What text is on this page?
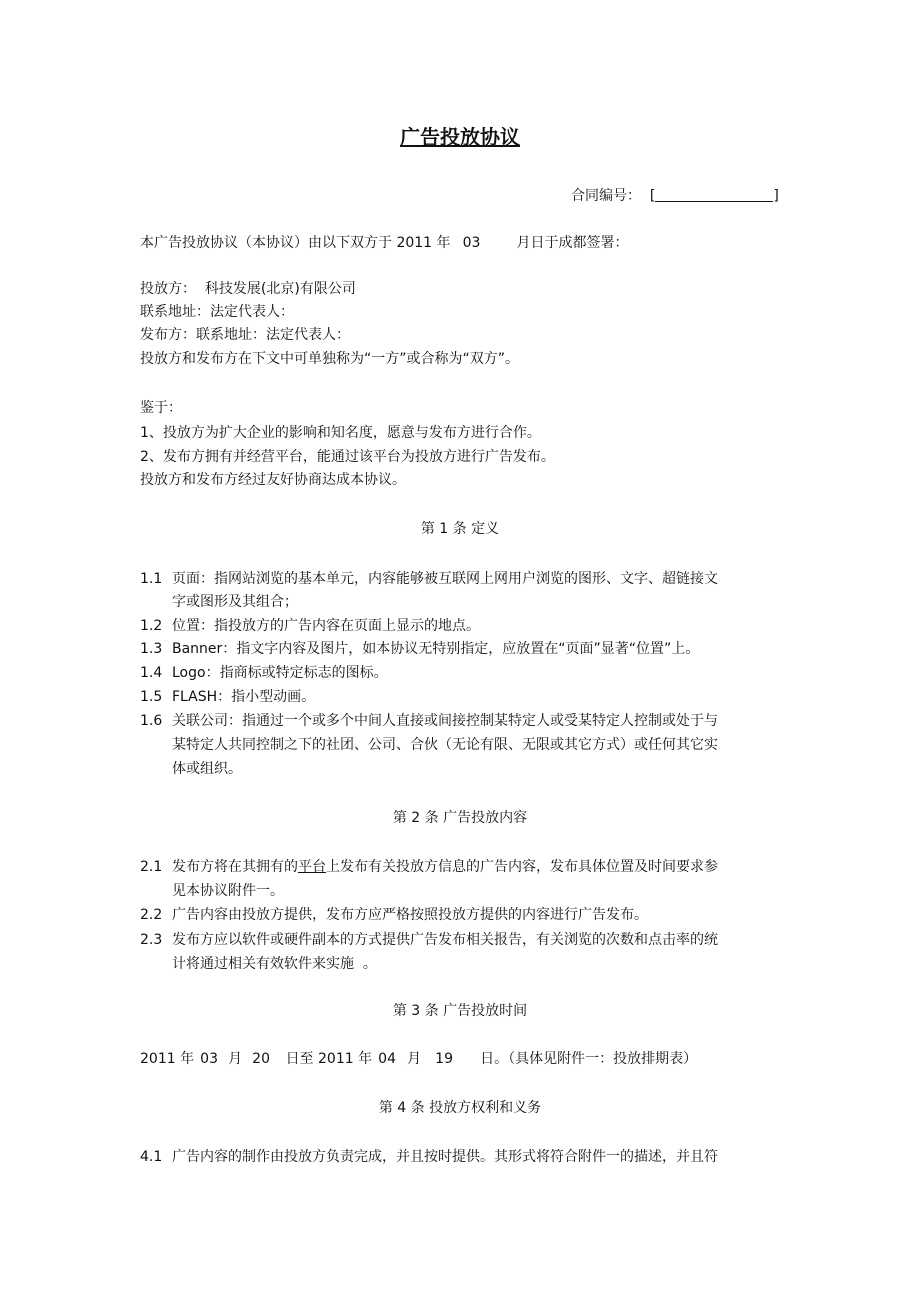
广告投放协议
合同编号： [	]
本广告投放协议（本协议）由以下双方于 2011 年 03	月日于成都签署：
投放方：  科技发展(北京)有限公司
联系地址：法定代表人：
发布方：联系地址：法定代表人：
投放方和发布方在下文中可单独称为“一方”或合称为“双方”。
鉴于：
1、投放方为扩大企业的影响和知名度，愿意与发布方进行合作。
2、发布方拥有并经营平台，能通过该平台为投放方进行广告发布。
投放方和发布方经过友好协商达成本协议。
第 1 条 定义
1.1 页面：指网站浏览的基本单元，内容能够被互联网上网用户浏览的图形、文字、超链接文
字或图形及其组合；
1.2 位置：指投放方的广告内容在页面上显示的地点。
1.3 Banner：指文字内容及图片，如本协议无特别指定，应放置在“页面”显著“位置”上。
1.4 Logo：指商标或特定标志的图标。
1.5 FLASH：指小型动画。
1.6 关联公司：指通过一个或多个中间人直接或间接控制某特定人或受某特定人控制或处于与
某特定人共同控制之下的社团、公司、合伙（无论有限、无限或其它方式）或任何其它实
体或组织。
第 2 条 广告投放内容
2.1 发布方将在其拥有的平台上发布有关投放方信息的广告内容，发布具体位置及时间要求参
见本协议附件一。
2.2 广告内容由投放方提供，发布方应严格按照投放方提供的内容进行广告发布。
2.3 发布方应以软件或硬件副本的方式提供广告发布相关报告，有关浏览的次数和点击率的统
计将通过相关有效软件来实施  。
第 3 条 广告投放时间
2011 年 03 月 20 日至 2011 年 04 月 19 日。（具体见附件一：投放排期表）
第 4 条 投放方权利和义务
4.1 广告内容的制作由投放方负责完成，并且按时提供。其形式将符合附件一的描述，并且符
